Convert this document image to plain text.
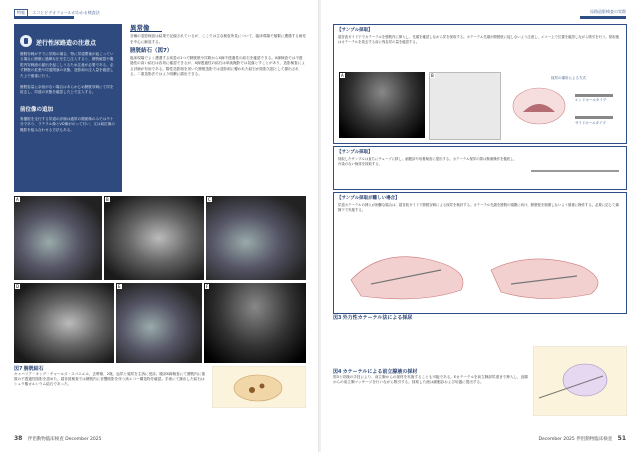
特集 エコとビデオフォールがわかる検査法
逆行性尿路造の注意点

膀胱穿刺がすでに尿路の場合、特に尿道閉塞が起こっている場合に膀胱に過剰な圧を生じ注入すると、膀胱破裂や腹腔内穿刺液の漏出を起こしうるため注意が必要である。必ず膀胱の拡張や尿道閉塞の状態、造影剤の注入量を確認した上で慎重に行う。

膀胱容量に余裕がない場合はあらかじめ膀胱穿刺にて尿を抜去し、尿道の状態を確認した上で注入する。

前位像の追加

骨盤腔を走行する尿道の評価は通常の側面像のみでは不十分であり、ラテラル像とVD像がのって行い、又は前位像の撮影を組み合わせる方法もある。

異常像

各種の造影検査は結果で記録されているが、ここでは主な検査所見について、臨床現場で頻繁に遭遇する病変を中心に解説する。

膀胱結石（図7）

臨床現場でよく遭遇する疾患の1つで膀胱壁や尿路からX線不透過性の結石を確認できる。X線検査では不透過性の高い結石は容易に確認できるが、X線透過性の結石は単純撮影では見落とすことがあり、造影検査による評価が有用である。陽性造影剤を用いた膀胱造影では造影剤に覆われた結石が陰影欠損として描出される。二重造影法ではより明瞭に描出できる。

A	B	C
D	E	F
図7 膀胱結石
キャバリア・キング・チャールズ・スパニエル、去勢雄、2歳。血尿と頻尿を主訴に受診。腹部X線検査にて膀胱内に複数の不透過性陰影を認めた。超音波検査では膀胱内に音響陰影を伴う高エコー構造物を確認。手術にて摘出した結石はシュウ酸カルシウム結石であった。
38 伴侶動物臨床検査 December 2025
尿路造影検査の実際
【サンプル採取】

超音波ガイド下でカテーテルを膀胱内に挿入し、先端を確認しながら尿を採取する。カテーテル先端が膀胱壁に接しないよう注意し、エコー上で位置を確認しながら吸引を行う。採取後はカテーテルを抜去する前に残存尿の量を確認する。

A	B	採尿の場所による方式
エンドホールタイプ
サイドホールタイプ
【サンプル採取】

採取したサンプルは直ちにチューブに移し、細胞診や培養検査に提出する。カテーテル採尿の際は無菌操作を徹底し、汚染のない検体を採取する。

【サンプル採取が難しい場合】

尿道カテーテルの挿入が困難な場合は、超音波ガイド下膀胱穿刺による採尿を検討する。カテーテル先端を膀胱の頭側に向け、膀胱壁を損傷しないよう慎重に操作する。必要に応じて鎮静下で実施する。

図3 外力性カテーテル法による採尿
図4 カテーテルによる前立腺液の採材
図3と同様の手技により、前立腺からの採材を実施することも可能である。Eカテーテルを前立腺部尿道まで挿入し、直腸からの前立腺マッサージを行いながら吸引する。採取した液は細胞診および培養に提出する。
December 2025 伴侶動物臨床検査 51
